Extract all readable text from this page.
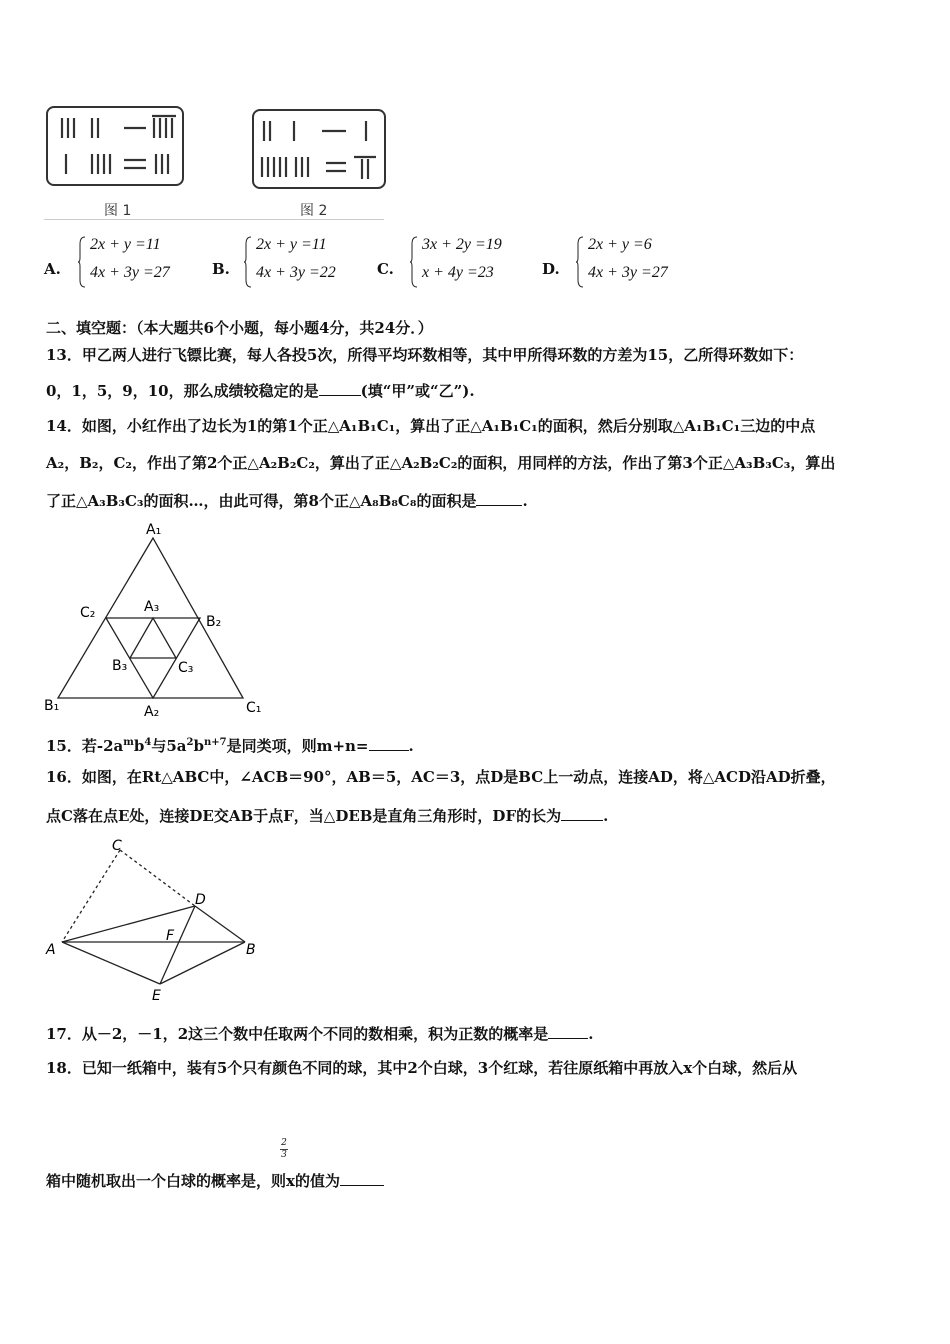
图 1	图 2
A.
2x + y =11
4x + 3y =27	B.
2x + y =11
4x + 3y =22	C.
3x + 2y =19
x + 4y =23	D.
2x + y =6
4x + 3y =27
二、填空题：（本大题共6个小题，每小题4分，共24分．）
13．甲乙两人进行飞镖比赛，每人各投5次，所得平均环数相等，其中甲所得环数的方差为15，乙所得环数如下：
0，1，5，9，10，那么成绩较稳定的是	(填“甲”或“乙”).
14．如图，小红作出了边长为1的第1个正△A₁B₁C₁，算出了正△A₁B₁C₁的面积，然后分别取△A₁B₁C₁三边的中点
A₂，B₂，C₂，作出了第2个正△A₂B₂C₂，算出了正△A₂B₂C₂的面积，用同样的方法，作出了第3个正△A₃B₃C₃，算出
了正△A₃B₃C₃的面积…，由此可得，第8个正△A₈B₈C₈的面积是	.
A₁
C₂	A₃
B₂
B₃	C₃
B₁	A₂	C₁
15．若$-2a^mb^4$与$5a^2b^{n+7}$是同类项，则m+n=	.
16．如图，在Rt△ABC中，∠ACB＝90°，AB＝5，AC＝3，点D是BC上一动点，连接AD，将△ACD沿AD折叠，
点C落在点E处，连接DE交AB于点F，当△DEB是直角三角形时，DF的长为	.
C
D
A
F
B
E
17．从－2，－1，2这三个数中任取两个不同的数相乘，积为正数的概率是	.
18．已知一纸箱中，装有5个只有颜色不同的球，其中2个白球，3个红球，若往原纸箱中再放入x个白球，然后从
2
3
箱中随机取出一个白球的概率是，则x的值为
